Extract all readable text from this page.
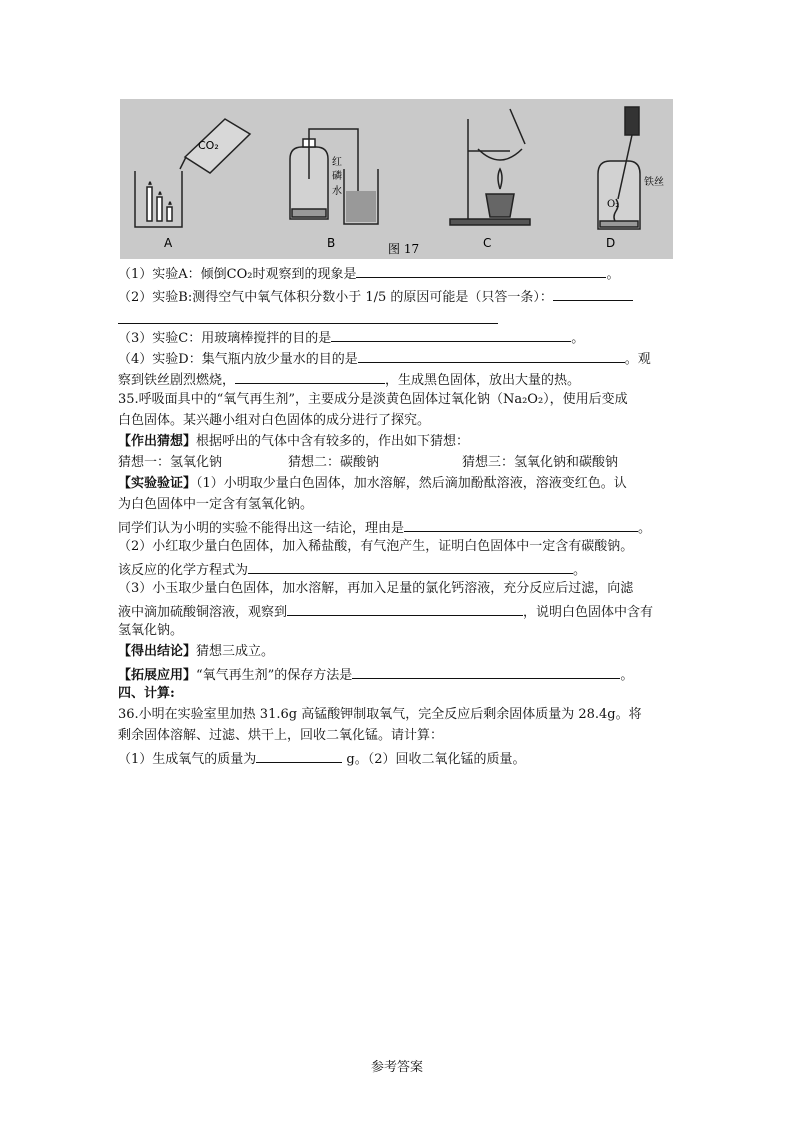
CO₂
A
红
磷
水
B	C
铁丝
O₂
D
图 17
（1）实验A：倾倒CO₂时观察到的现象是	。
（2）实验B:测得空气中氧气体积分数小于 1/5 的原因可能是（只答一条）：
（3）实验C：用玻璃棒搅拌的目的是	。
（4）实验D：集气瓶内放少量水的目的是	。观
察到铁丝剧烈燃烧，	，生成黑色固体，放出大量的热。
35.呼吸面具中的“氧气再生剂”，主要成分是淡黄色固体过氧化钠（Na₂O₂），使用后变成
白色固体。某兴趣小组对白色固体的成分进行了探究。
【作出猜想】根据呼出的气体中含有较多的，作出如下猜想：
猜想一：氢氧化钠	猜想二：碳酸钠	猜想三：氢氧化钠和碳酸钠
【实验验证】（1）小明取少量白色固体，加水溶解，然后滴加酚酞溶液，溶液变红色。认
为白色固体中一定含有氢氧化钠。
同学们认为小明的实验不能得出这一结论，理由是	。
（2）小红取少量白色固体，加入稀盐酸，有气泡产生，证明白色固体中一定含有碳酸钠。
该反应的化学方程式为	。
（3）小玉取少量白色固体，加水溶解，再加入足量的氯化钙溶液，充分反应后过滤，向滤
液中滴加硫酸铜溶液，观察到	，说明白色固体中含有
氢氧化钠。
【得出结论】猜想三成立。
【拓展应用】“氧气再生剂”的保存方法是	。
四、计算:
36.小明在实验室里加热 31.6g 高锰酸钾制取氧气，完全反应后剩余固体质量为 28.4g。将
剩余固体溶解、过滤、烘干上，回收二氧化锰。请计算：
（1）生成氧气的质量为	g。（2）回收二氧化锰的质量。
参考答案
